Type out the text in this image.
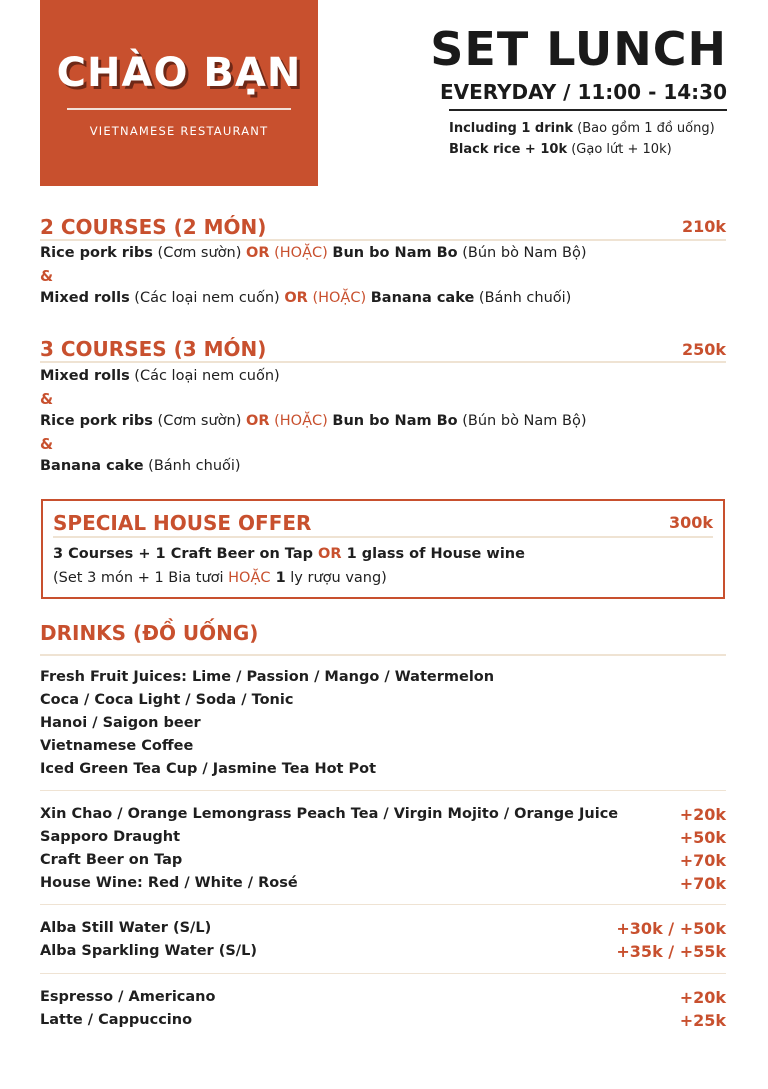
CHÀO BẠN
VIETNAMESE RESTAURANT
SET LUNCH
EVERYDAY / 11:00 - 14:30
Including 1 drink (Bao gồm 1 đồ uống)
Black rice + 10k (Gạo lứt + 10k)
2 COURSES (2 MÓN)	210k
Rice pork ribs (Cơm sườn) OR (HOẶC) Bun bo Nam Bo (Bún bò Nam Bộ)
&
Mixed rolls (Các loại nem cuốn) OR (HOẶC) Banana cake (Bánh chuối)
3 COURSES (3 MÓN)	250k
Mixed rolls (Các loại nem cuốn)
&
Rice pork ribs (Cơm sườn) OR (HOẶC) Bun bo Nam Bo (Bún bò Nam Bộ)
&
Banana cake (Bánh chuối)
SPECIAL HOUSE OFFER	300k
3 Courses + 1 Craft Beer on Tap OR 1 glass of House wine
(Set 3 món + 1 Bia tươi HOẶC 1 ly rượu vang)
DRINKS (ĐỒ UỐNG)
Fresh Fruit Juices: Lime / Passion / Mango / Watermelon
Coca / Coca Light / Soda / Tonic
Hanoi / Saigon beer
Vietnamese Coffee
Iced Green Tea Cup / Jasmine Tea Hot Pot
Xin Chao / Orange Lemongrass Peach Tea / Virgin Mojito / Orange Juice	+20k
Sapporo Draught	+50k
Craft Beer on Tap	+70k
House Wine: Red / White / Rosé	+70k
Alba Still Water (S/L)	+30k / +50k
Alba Sparkling Water (S/L)	+35k / +55k
Espresso / Americano	+20k
Latte / Cappuccino	+25k
